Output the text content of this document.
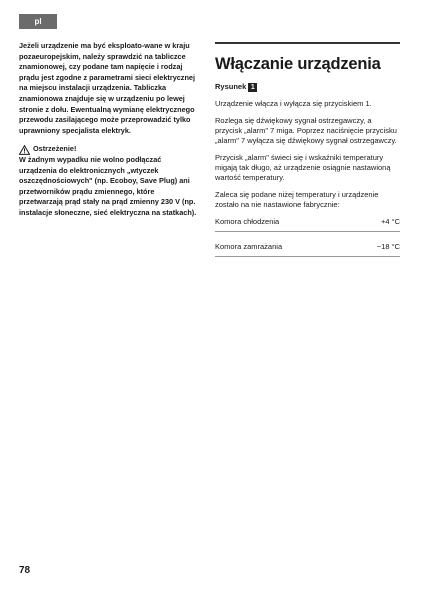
pl

Jeżeli urządzenie ma być eksploato-wane w kraju pozaeuropejskim, należy sprawdzić na tabliczce znamionowej, czy podane tam napięcie i rodzaj prądu jest zgodne z parametrami sieci elektrycznej na miejscu instalacji urządzenia. Tabliczka znamionowa znajduje się w urządzeniu po lewej stronie z dołu. Ewentualną wymianę elektrycznego przewodu zasilającego może przeprowadzić tylko uprawniony specjalista elektryk.

Ostrzeżenie!

W żadnym wypadku nie wolno podłączać urządzenia do elektronicznych „wtyczek oszczędnościowych" (np. Ecoboy, Save Plug) ani przetworników prądu zmiennego, które przetwarzają prąd stały na prąd zmienny 230 V (np. instalacje słoneczne, sieć elektryczna na statkach).

Włączanie urządzenia
Rysunek 1

Urządzenie włącza i wyłącza się przyciskiem 1.

Rozlega się dźwiękowy sygnał ostrzegawczy, a przycisk „alarm" 7 miga. Poprzez naciśnięcie przycisku „alarm" 7 wyłącza się dźwiękowy sygnał ostrzegawczy.

Przycisk „alarm" świeci się i wskaźniki temperatury migają tak długo, aż urządzenie osiągnie nastawioną wartość temperatury.

Zaleca się podane niżej temperatury i urządzenie zostało na nie nastawione fabrycznie:

Komora chłodzenia	+4 °C
Komora zamrażania	−18 °C
78
